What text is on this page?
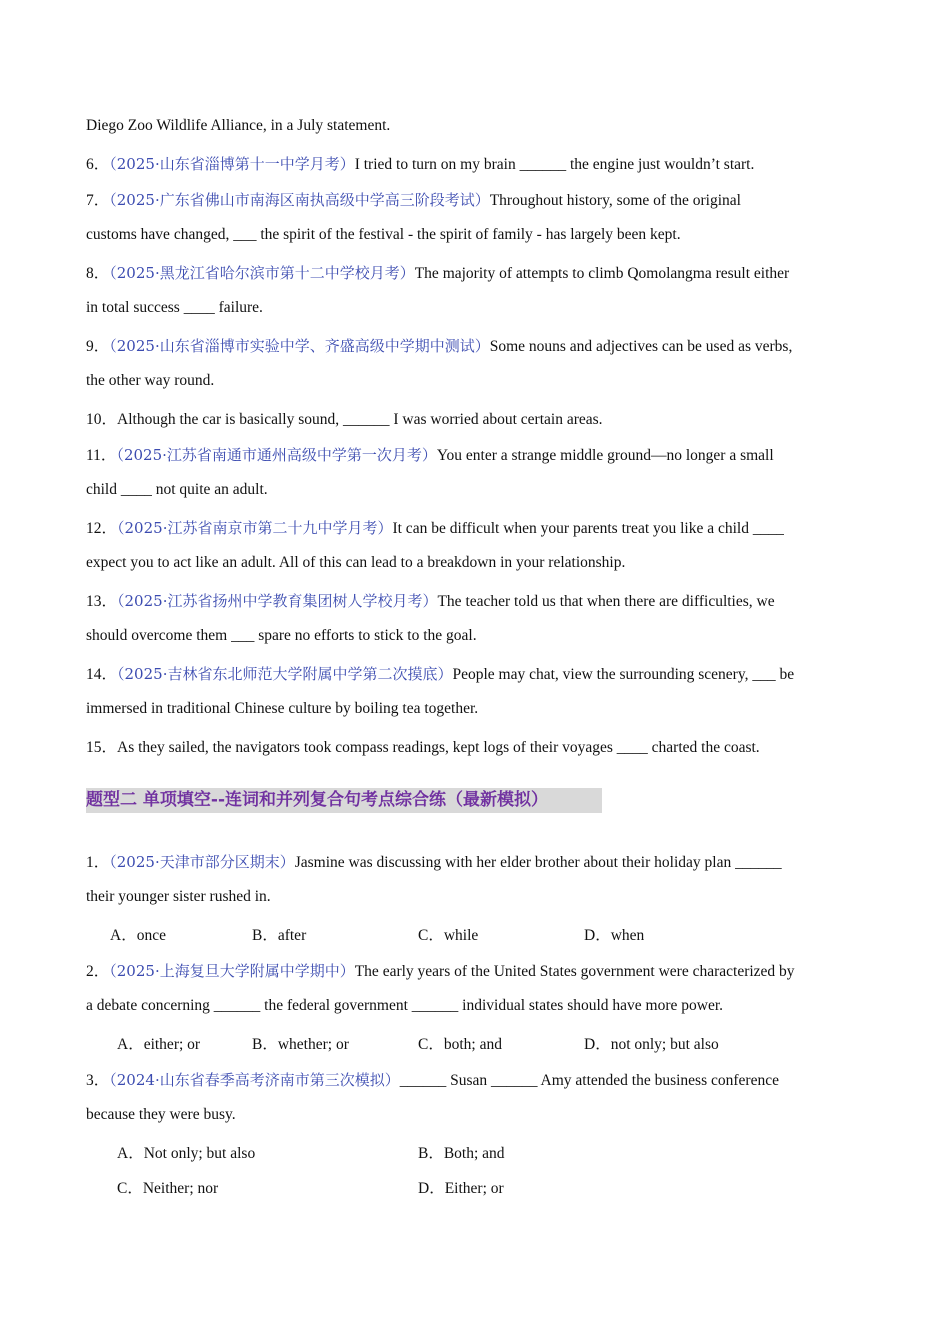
Diego Zoo Wildlife Alliance, in a July statement.
6．（2025·山东省淄博第十一中学月考）I tried to turn on my brain ______ the engine just wouldn’t start.
7．（2025·广东省佛山市南海区南执高级中学高三阶段考试）Throughout history, some of the original
customs have changed, ___ the spirit of the festival - the spirit of family - has largely been kept.
8．（2025·黑龙江省哈尔滨市第十二中学校月考）The majority of attempts to climb Qomolangma result either
in total success ____ failure.
9．（2025·山东省淄博市实验中学、齐盛高级中学期中测试）Some nouns and adjectives can be used as verbs,
the other way round.
10．Although the car is basically sound, ______ I was worried about certain areas.
11．（2025·江苏省南通市通州高级中学第一次月考）You enter a strange middle ground—no longer a small
child ____ not quite an adult.
12．（2025·江苏省南京市第二十九中学月考）It can be difficult when your parents treat you like a child ____
expect you to act like an adult. All of this can lead to a breakdown in your relationship.
13．（2025·江苏省扬州中学教育集团树人学校月考）The teacher told us that when there are difficulties, we
should overcome them ___ spare no efforts to stick to the goal.
14．（2025·吉林省东北师范大学附属中学第二次摸底）People may chat, view the surrounding scenery, ___ be
immersed in traditional Chinese culture by boiling tea together.
15．As they sailed, the navigators took compass readings, kept logs of their voyages ____ charted the coast.
题型二 单项填空--连词和并列复合句考点综合练（最新模拟）
1．（2025·天津市部分区期末）Jasmine was discussing with her elder brother about their holiday plan ______
their younger sister rushed in.
A．once	B．after	C．while	D．when
2．（2025·上海复旦大学附属中学期中）The early years of the United States government were characterized by
a debate concerning ______ the federal government ______ individual states should have more power.
A．either; or	B．whether; or	C．both; and	D．not only; but also
3．（2024·山东省春季高考济南市第三次模拟）______ Susan ______ Amy attended the business conference
because they were busy.
A．Not only; but also	B．Both; and
C．Neither; nor	D．Either; or
